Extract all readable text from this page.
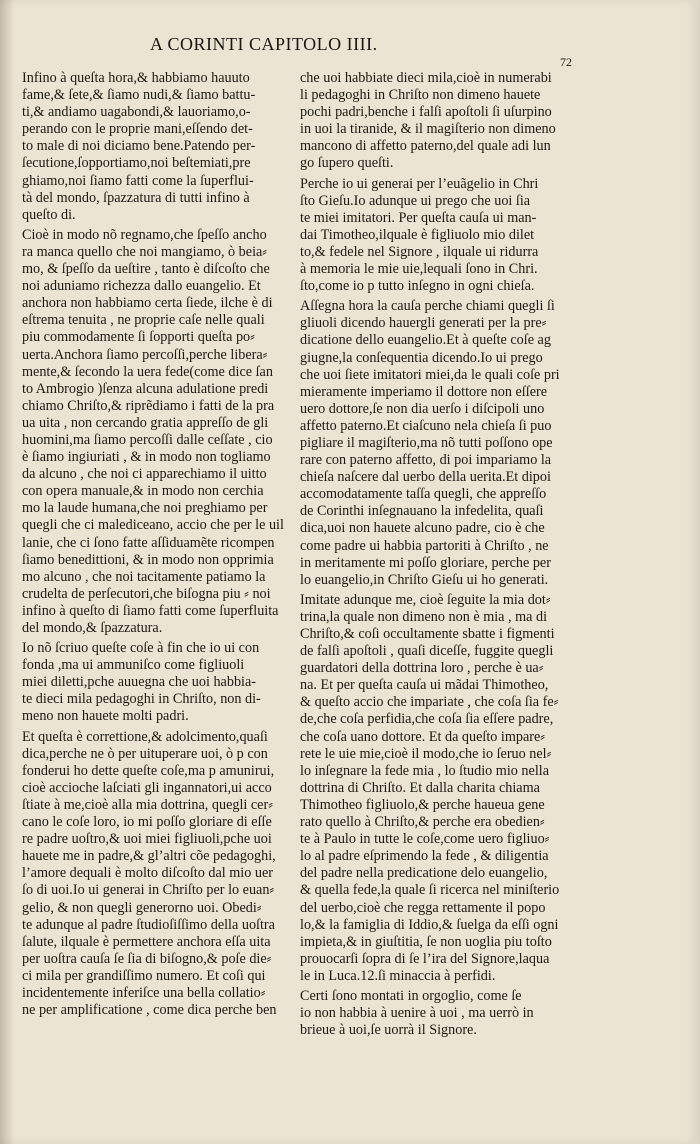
A CORINTI CAPITOLO IIII.
72

Infino à queſta hora,& habbiamo hauuto
fame,& ſete,& ſiamo nudi,& ſiamo battu-
ti,& andiamo uagabondi,& lauoriamo,o-
perando con le proprie mani,eſſendo det-
to male di noi diciamo bene.Patendo per-
ſecutione,ſopportiamo,noi beſtemiati,pre
ghiamo,noi ſiamo fatti come la ſuperflui-
tà del mondo, ſpazzatura di tutti infino à
queſto di.

Cioè in modo nõ regnamo,che ſpeſſo ancho
ra manca quello che noi mangiamo, ò beia⸗
mo, & ſpeſſo da ueſtire , tanto è diſcoſto che
noi aduniamo richezza dallo euangelio. Et
anchora non habbiamo certa ſiede, ilche è di
eſtrema tenuita , ne proprie caſe nelle quali
piu commodamente ſi ſopporti queſta po⸗
uerta.Anchora ſiamo percoſſi,perche libera⸗
mente,& ſecondo la uera fede(come dice ſan
to Ambrogio )ſenza alcuna adulatione predi
chiamo Chriſto,& riprẽdiamo i fatti de la pra
ua uita , non cercando gratia appreſſo de gli
huomini,ma ſiamo percoſſi dalle ceſſate , cio
è ſiamo ingiuriati , & in modo non togliamo
da alcuno , che noi ci apparechiamo il uitto
con opera manuale,& in modo non cerchia
mo la laude humana,che noi preghiamo per
quegli che ci malediceano, accio che per le uil
lanie, che ci ſono fatte aſſiduamẽte ricompen
ſiamo benedittioni, & in modo non opprimia
mo alcuno , che noi tacitamente patiamo la
crudelta de perſecutori,che biſogna piu ⸗ noi
infino à queſto di ſiamo fatti come ſuperfluita
del mondo,& ſpazzatura.

Io nõ ſcriuo queſte coſe à fin che io ui con
fonda ,ma ui ammuniſco come figliuoli
miei diletti,pche auuegna che uoi habbia-
te dieci mila pedagoghi in Chriſto, non di-
meno non hauete molti padri.

Et queſta è correttione,& adolcimento,quaſi
dica,perche ne ò per uituperare uoi, ò p con
fonderui ho dette queſte coſe,ma p amunirui,
cioè accioche laſciati gli ingannatori,ui acco
ſtiate à me,cioè alla mia dottrina, quegli cer⸗
cano le coſe loro, io mi poſſo gloriare di eſſe
re padre uoſtro,& uoi miei figliuoli,pche uoi
hauete me in padre,& gl’altri cõe pedagoghi,
l’amore dequali è molto diſcoſto dal mio uer
ſo di uoi.Io ui generai in Chriſto per lo euan⸗
gelio, & non quegli generorno uoi. Obedi⸗
te adunque al padre ſtudioſiſſimo della uoſtra
ſalute, ilquale è permettere anchora eſſa uita
per uoſtra cauſa ſe ſia di biſogno,& poſe die⸗
ci mila per grandiſſimo numero. Et coſi qui
incidentemente inferiſce una bella collatio⸗
ne per amplificatione , come dica perche ben

che uoi habbiate dieci mila,cioè in numerabi
li pedagoghi in Chriſto non dimeno hauete
pochi padri,benche i falſi apoſtoli ſi uſurpino
in uoi la tiranide, & il magiſterio non dimeno
mancono di affetto paterno,del quale adi lun
go ſupero queſti.

Perche io ui generai per l’euãgelio in Chri
ſto Gieſu.Io adunque ui prego che uoi ſia
te miei imitatori. Per queſta cauſa ui man-
dai Timotheo,ilquale è figliuolo mio dilet
to,& fedele nel Signore , ilquale ui ridurra
à memoria le mie uie,lequali ſono in Chri.
ſto,come io p tutto inſegno in ogni chieſa.

Aſſegna hora la cauſa perche chiami quegli ſi
gliuoli dicendo hauergli generati per la pre⸗
dicatione dello euangelio.Et à queſte coſe ag
giugne,la conſequentia dicendo.Io ui prego
che uoi ſiete imitatori miei,da le quali coſe pri
mieramente imperiamo il dottore non eſſere
uero dottore,ſe non dia uerſo i diſcipoli uno
affetto paterno.Et ciaſcuno nela chieſa ſi puo
pigliare il magiſterio,ma nõ tutti poſſono ope
rare con paterno affetto, di poi impariamo la
chieſa naſcere dal uerbo della uerita.Et dipoi
accomodatamente taſſa quegli, che appreſſo
de Corinthi inſegnauano la infedelita, quaſi
dica,uoi non hauete alcuno padre, cio è che
come padre ui habbia partoriti à Chriſto , ne
in meritamente mi poſſo gloriare, perche per
lo euangelio,in Chriſto Gieſu ui ho generati.

Imitate adunque me, cioè ſeguite la mia dot⸗
trina,la quale non dimeno non è mia , ma di
Chriſto,& coſi occultamente sbatte i figmenti
de falſi apoſtoli , quaſi diceſſe, fuggite quegli
guardatori della dottrina loro , perche è ua⸗
na. Et per queſta cauſa ui mãdai Thimotheo,
& queſto accio che impariate , che coſa ſia fe⸗
de,che coſa perfidia,che coſa ſia eſſere padre,
che coſa uano dottore. Et da queſto impare⸗
rete le uie mie,cioè il modo,che io ſeruo nel⸗
lo inſegnare la fede mia , lo ſtudio mio nella
dottrina di Chriſto. Et dalla charita chiama
Thimotheo figliuolo,& perche haueua gene
rato quello à Chriſto,& perche era obedien⸗
te à Paulo in tutte le coſe,come uero figliuo⸗
lo al padre eſprimendo la fede , & diligentia
del padre nella predicatione delo euangelio,
& quella fede,la quale ſi ricerca nel miniſterio
del uerbo,cioè che regga rettamente il popo
lo,& la famiglia di Iddio,& ſuelga da eſſi ogni
impieta,& in giuſtitia, ſe non uoglia piu toſto
prouocarſi ſopra di ſe l’ira del Signore,laqua
le in Luca.12.ſi minaccia à perfidi.

Certi ſono montati in orgoglio, come ſe
io non habbia à uenire à uoi , ma uerrò in
brieue à uoi,ſe uorrà il Signore.
